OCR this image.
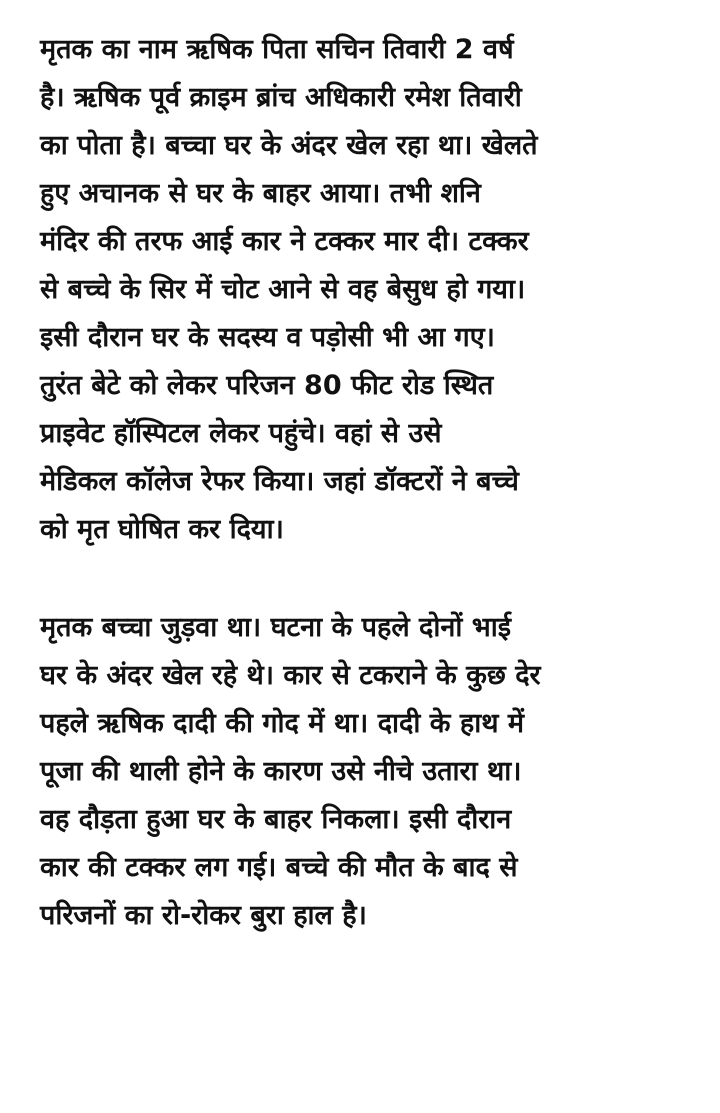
मृतक का नाम ऋषिक पिता सचिन तिवारी 2 वर्ष
है। ऋषिक पूर्व क्राइम ब्रांच अधिकारी रमेश तिवारी
का पोता है। बच्चा घर के अंदर खेल रहा था। खेलते
हुए अचानक से घर के बाहर आया। तभी शनि
मंदिर की तरफ आई कार ने टक्कर मार दी। टक्कर
से बच्चे के सिर में चोट आने से वह बेसुध हो गया।
इसी दौरान घर के सदस्य व पड़ोसी भी आ गए।
तुरंत बेटे को लेकर परिजन 80 फीट रोड स्थित
प्राइवेट हॉस्पिटल लेकर पहुंचे। वहां से उसे
मेडिकल कॉलेज रेफर किया। जहां डॉक्टरों ने बच्चे
को मृत घोषित कर दिया।

मृतक बच्चा जुड़वा था। घटना के पहले दोनों भाई
घर के अंदर खेल रहे थे। कार से टकराने के कुछ देर
पहले ऋषिक दादी की गोद में था। दादी के हाथ में
पूजा की थाली होने के कारण उसे नीचे उतारा था।
वह दौड़ता हुआ घर के बाहर निकला। इसी दौरान
कार की टक्कर लग गई। बच्चे की मौत के बाद से
परिजनों का रो-रोकर बुरा हाल है।
